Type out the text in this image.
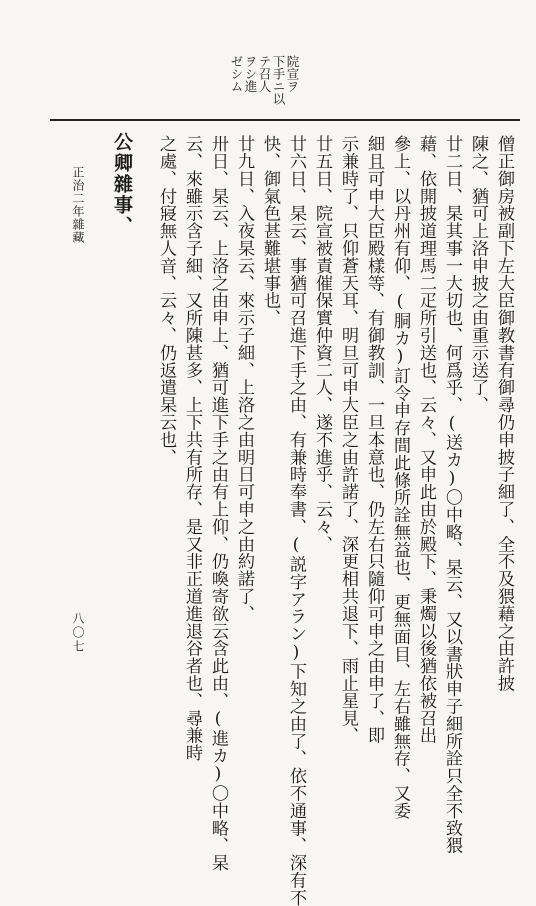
院宣ヲ
下手ニ以
テ召人
ヲシ進
ゼシム
僧正御房被副下左大臣御教書有御尋仍申披子細了、全不及猥藉之由許披
陳之、猶可上洛申披之由重示送了、
廿二日、杲其事一大切也、何爲乎、(送カ)〇中略、杲云、又以書狀申子細所詮只全不致猥
藉、依開披道理馬二疋所引送也、云々、又申此由於殿下、秉燭以後猶依被召出
參上、以丹州有仰、(胴カ)訂令申存間此條所詮無益也、更無面目、左右雖無存、又委
細且可申大臣殿樣等、有御教訓、一旦本意也、仍左右只隨仰可申之由申了、即
示兼時了、只仰蒼天耳、明旦可申大臣之由許諾了、深更相共退下、雨止星見、
廿五日、院宣被責催保實仲資二人、遂不進乎、云々、
廿六日、杲云、事猶可召進下手之由、有兼時奉書、(説字アラン)下知之由了、依不通事、深有不
快、御氣色甚難堪事也、
廿九日、入夜杲云、來示子細、上洛之由明日可申之由約諾了、
卅日、杲云、上洛之由申上、猶可進下手之由有上仰、仍喚寄欲云含此由、(進カ)〇中略、杲
云、來雖示含子細、又所陳甚多、上下共有所存、是又非正道進退谷者也、尋兼時
之處、付寢無人音、云々、仍返遣杲云也、
公卿雜事、
正治二年雜藏
八〇七
